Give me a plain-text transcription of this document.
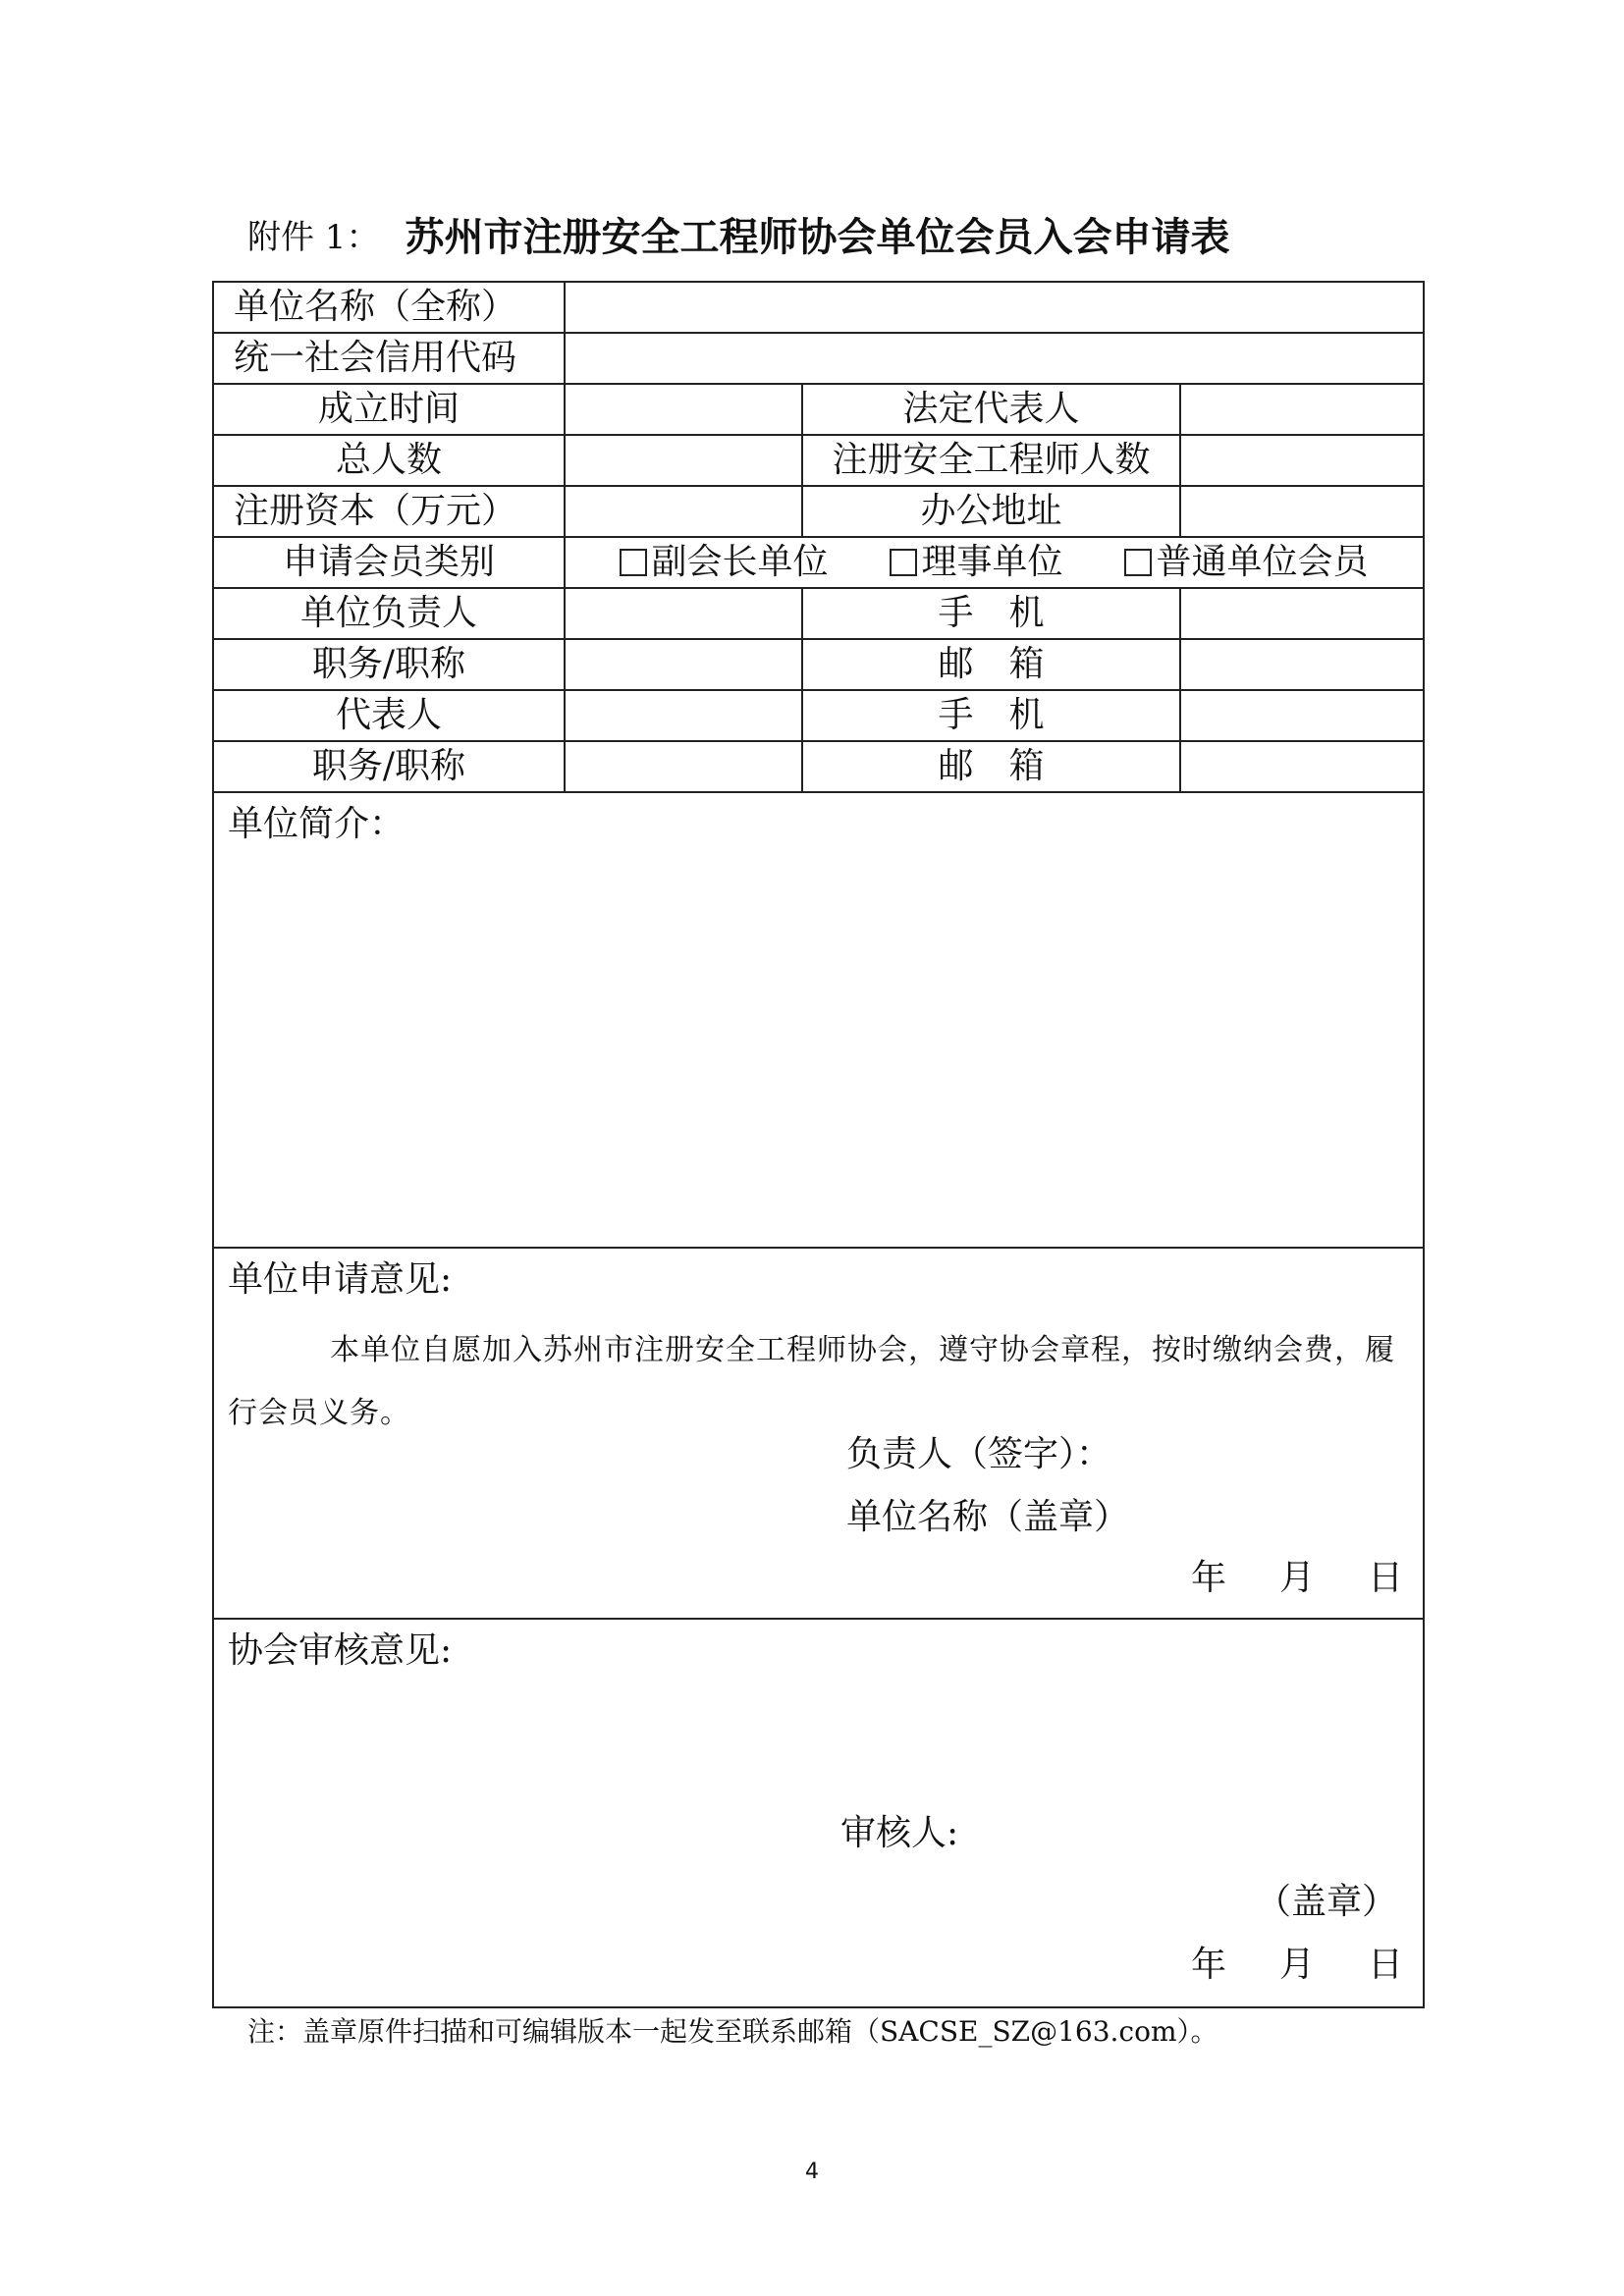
附件 1： 苏州市注册安全工程师协会单位会员入会申请表
单位名称（全称）			
统一社会信用代码			
成立时间		法定代表人	
总人数		注册安全工程师人数	
注册资本（万元）		办公地址	
申请会员类别	副会长单位 理事单位 普通单位会员		

单位负责人		手　机	
职务/职称		邮　箱	
代表人		手　机	
职务/职称		邮　箱	

单位简介：			

单位申请意见:
本单位自愿加入苏州市注册安全工程师协会，遵守协会章程，按时缴纳会费，履行会员义务。
负责人（签字）：
单位名称（盖章）
年 月 日			

协会审核意见:
审核人:
（盖章）
年 月 日			
注：盖章原件扫描和可编辑版本一起发至联系邮箱（SACSE_SZ@163.com）。
4
